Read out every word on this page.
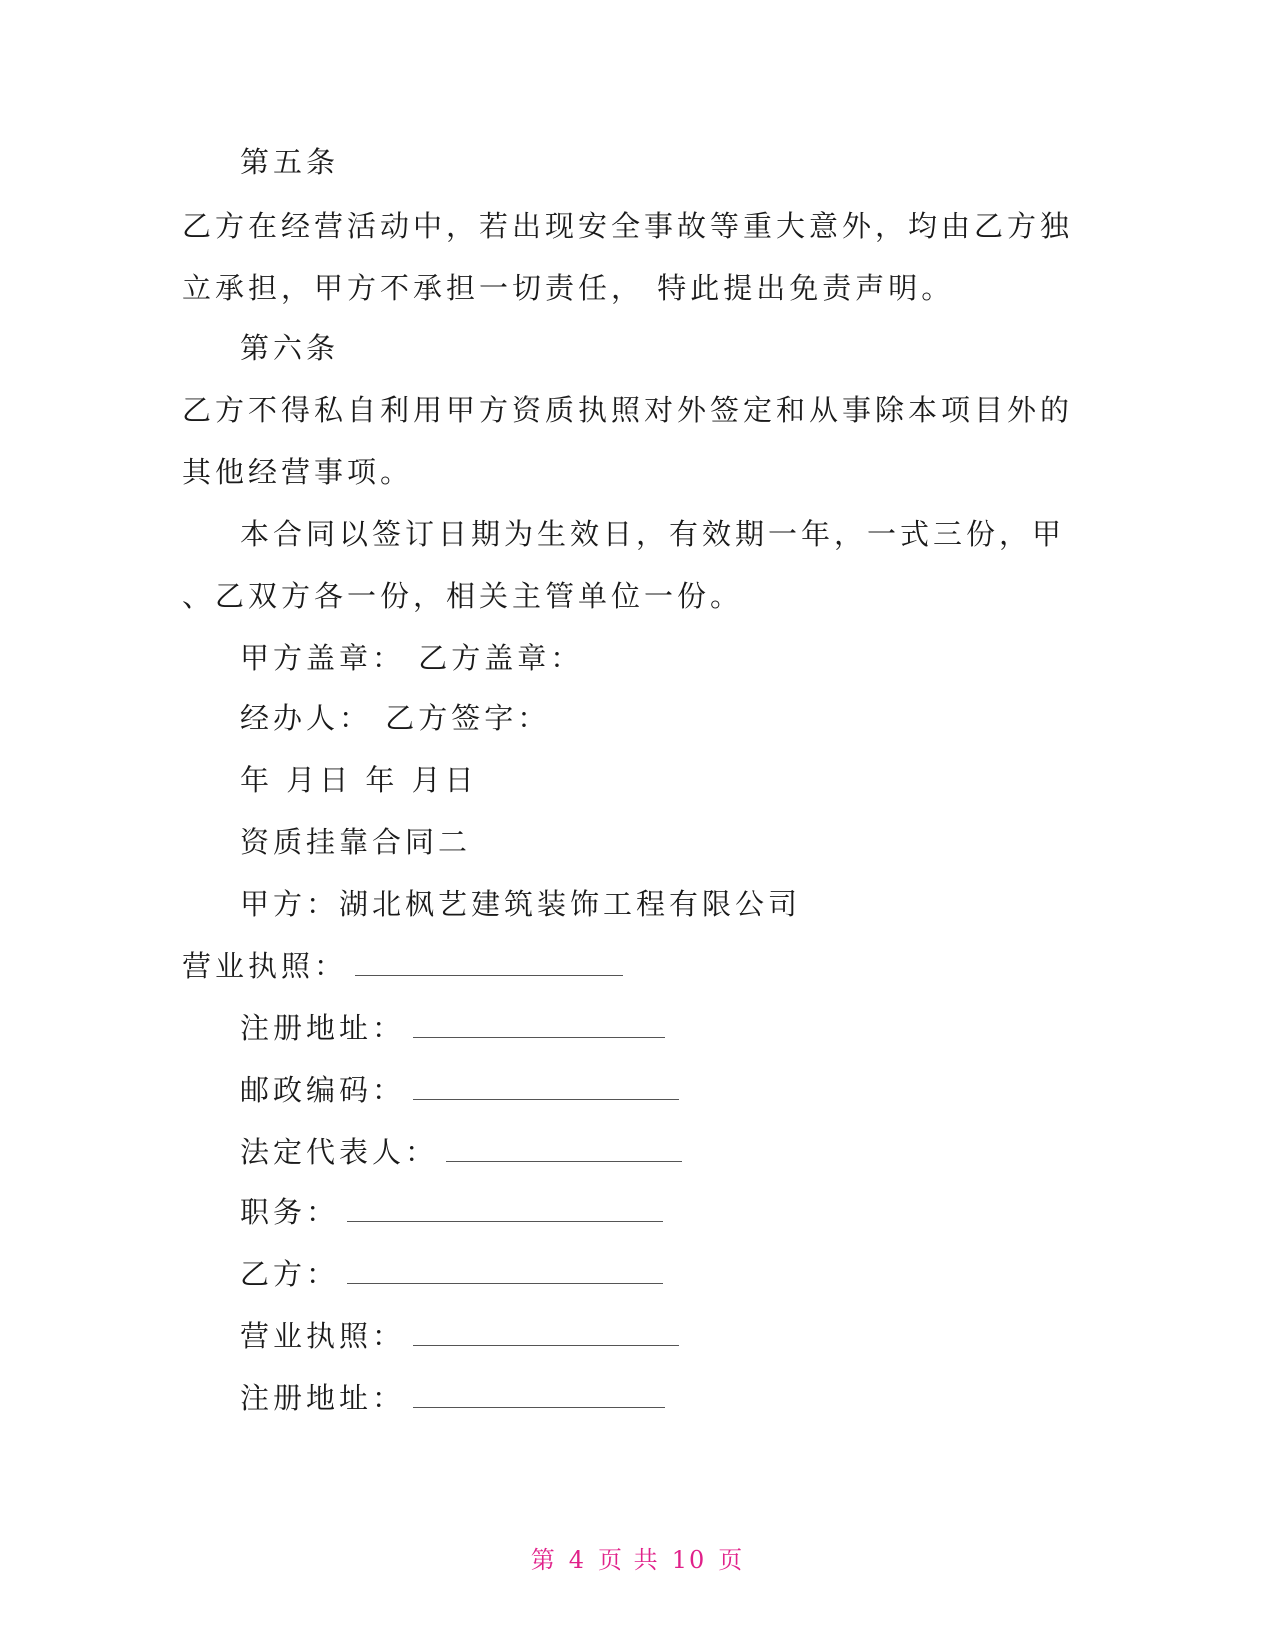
第五条
乙方在经营活动中，若出现安全事故等重大意外，均由乙方独
立承担，甲方不承担一切责任， 特此提出免责声明。
第六条
乙方不得私自利用甲方资质执照对外签定和从事除本项目外的
其他经营事项。
本合同以签订日期为生效日，有效期一年，一式三份，甲
、乙双方各一份，相关主管单位一份。
甲方盖章： 乙方盖章：
经办人： 乙方签字：
年 月日 年 月日
资质挂靠合同二
甲方：湖北枫艺建筑装饰工程有限公司
营业执照：
注册地址：
邮政编码：
法定代表人：
职务：
乙方：
营业执照：
注册地址：
第 4 页 共 10 页
